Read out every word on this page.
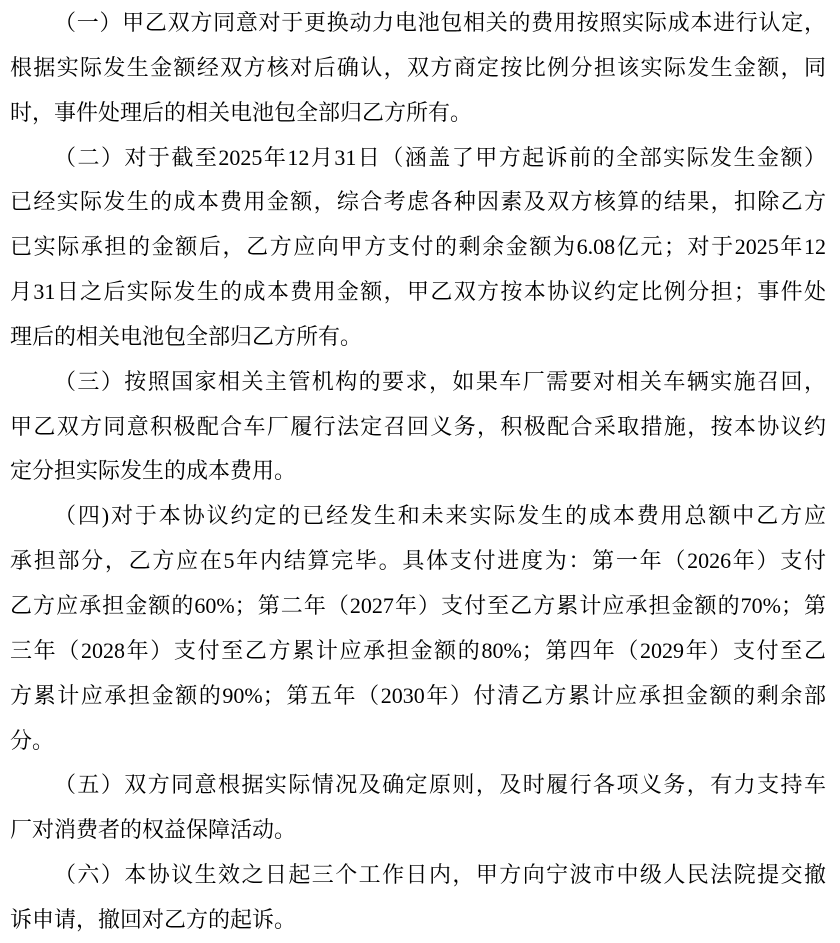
（一）甲乙双方同意对于更换动力电池包相关的费用按照实际成本进行认定，
根据实际发生金额经双方核对后确认，双方商定按比例分担该实际发生金额，同
时，事件处理后的相关电池包全部归乙方所有。
（二）对于截至2025年12月31日（涵盖了甲方起诉前的全部实际发生金额）
已经实际发生的成本费用金额，综合考虑各种因素及双方核算的结果，扣除乙方
已实际承担的金额后，乙方应向甲方支付的剩余金额为6.08亿元；对于2025年12
月31日之后实际发生的成本费用金额，甲乙双方按本协议约定比例分担；事件处
理后的相关电池包全部归乙方所有。
（三）按照国家相关主管机构的要求，如果车厂需要对相关车辆实施召回，
甲乙双方同意积极配合车厂履行法定召回义务，积极配合采取措施，按本协议约
定分担实际发生的成本费用。
（四)对于本协议约定的已经发生和未来实际发生的成本费用总额中乙方应
承担部分，乙方应在5年内结算完毕。具体支付进度为：第一年（2026年）支付
乙方应承担金额的60%；第二年（2027年）支付至乙方累计应承担金额的70%；第
三年（2028年）支付至乙方累计应承担金额的80%；第四年（2029年）支付至乙
方累计应承担金额的90%；第五年（2030年）付清乙方累计应承担金额的剩余部
分。
（五）双方同意根据实际情况及确定原则，及时履行各项义务，有力支持车
厂对消费者的权益保障活动。
（六）本协议生效之日起三个工作日内，甲方向宁波市中级人民法院提交撤
诉申请，撤回对乙方的起诉。
